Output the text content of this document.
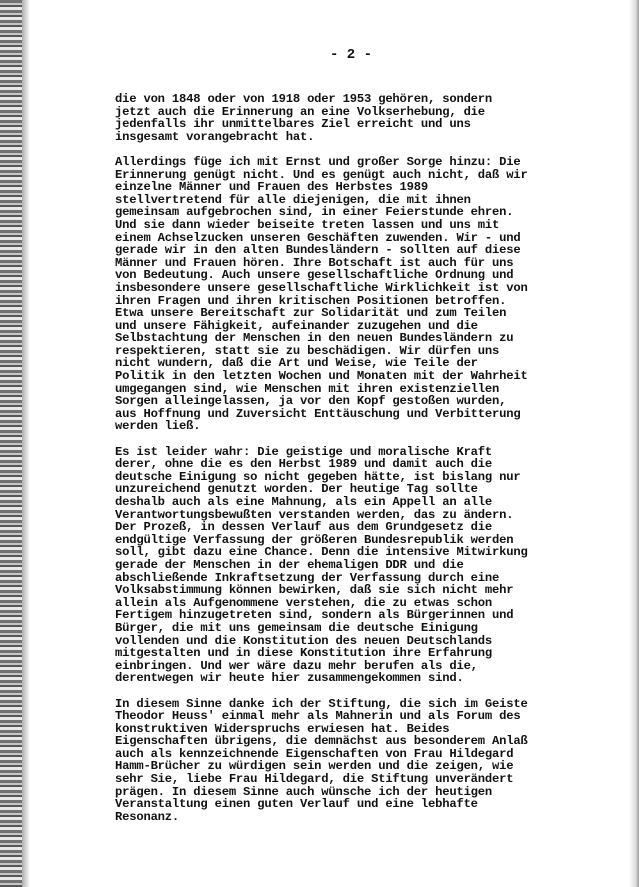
- 2 -
die von 1848 oder von 1918 oder 1953 gehören, sondern
jetzt auch die Erinnerung an eine Volkserhebung, die
jedenfalls ihr unmittelbares Ziel erreicht und uns
insgesamt vorangebracht hat.
Allerdings füge ich mit Ernst und großer Sorge hinzu: Die
Erinnerung genügt nicht. Und es genügt auch nicht, daß wir
einzelne Männer und Frauen des Herbstes 1989
stellvertretend für alle diejenigen, die mit ihnen
gemeinsam aufgebrochen sind, in einer Feierstunde ehren.
Und sie dann wieder beiseite treten lassen und uns mit
einem Achselzucken unseren Geschäften zuwenden. Wir - und
gerade wir in den alten Bundesländern - sollten auf diese
Männer und Frauen hören. Ihre Botschaft ist auch für uns
von Bedeutung. Auch unsere gesellschaftliche Ordnung und
insbesondere unsere gesellschaftliche Wirklichkeit ist von
ihren Fragen und ihren kritischen Positionen betroffen.
Etwa unsere Bereitschaft zur Solidarität und zum Teilen
und unsere Fähigkeit, aufeinander zuzugehen und die
Selbstachtung der Menschen in den neuen Bundesländern zu
respektieren, statt sie zu beschädigen. Wir dürfen uns
nicht wundern, daß die Art und Weise, wie Teile der
Politik in den letzten Wochen und Monaten mit der Wahrheit
umgegangen sind, wie Menschen mit ihren existenziellen
Sorgen alleingelassen, ja vor den Kopf gestoßen wurden,
aus Hoffnung und Zuversicht Enttäuschung und Verbitterung
werden ließ.
Es ist leider wahr: Die geistige und moralische Kraft
derer, ohne die es den Herbst 1989 und damit auch die
deutsche Einigung so nicht gegeben hätte, ist bislang nur
unzureichend genutzt worden. Der heutige Tag sollte
deshalb auch als eine Mahnung, als ein Appell an alle
Verantwortungsbewußten verstanden werden, das zu ändern.
Der Prozeß, in dessen Verlauf aus dem Grundgesetz die
endgültige Verfassung der größeren Bundesrepublik werden
soll, gibt dazu eine Chance. Denn die intensive Mitwirkung
gerade der Menschen in der ehemaligen DDR und die
abschließende Inkraftsetzung der Verfassung durch eine
Volksabstimmung können bewirken, daß sie sich nicht mehr
allein als Aufgenommene verstehen, die zu etwas schon
Fertigem hinzugetreten sind, sondern als Bürgerinnen und
Bürger, die mit uns gemeinsam die deutsche Einigung
vollenden und die Konstitution des neuen Deutschlands
mitgestalten und in diese Konstitution ihre Erfahrung
einbringen. Und wer wäre dazu mehr berufen als die,
derentwegen wir heute hier zusammengekommen sind.
In diesem Sinne danke ich der Stiftung, die sich im Geiste
Theodor Heuss' einmal mehr als Mahnerin und als Forum des
konstruktiven Widerspruchs erwiesen hat. Beides
Eigenschaften übrigens, die demnächst aus besonderem Anlaß
auch als kennzeichnende Eigenschaften von Frau Hildegard
Hamm-Brücher zu würdigen sein werden und die zeigen, wie
sehr Sie, liebe Frau Hildegard, die Stiftung unverändert
prägen. In diesem Sinne auch wünsche ich der heutigen
Veranstaltung einen guten Verlauf und eine lebhafte
Resonanz.
